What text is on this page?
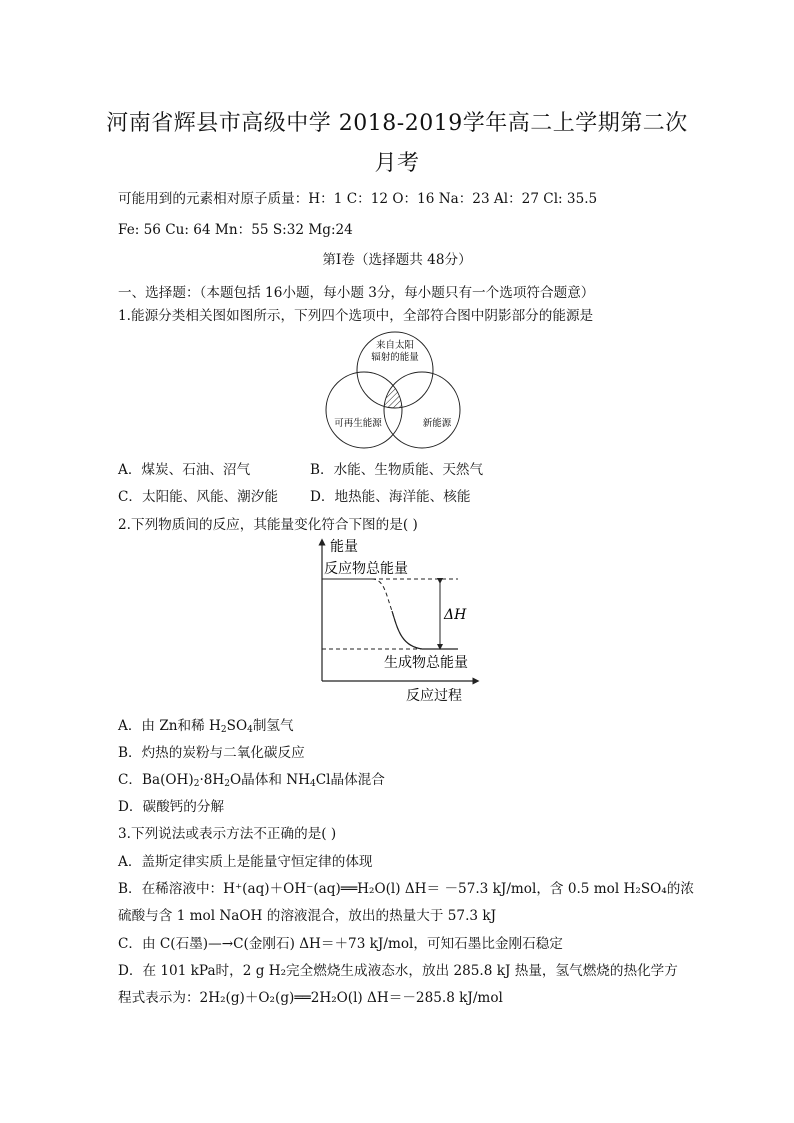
河南省辉县市高级中学 2018-2019学年高二上学期第二次
月考
可能用到的元素相对原子质量：H：1 C：12 O：16 Na：23 Al：27 Cl: 35.5
Fe: 56 Cu: 64 Mn：55 S:32 Mg:24
第Ⅰ卷（选择题共 48分）
一、选择题：（本题包括 16小题，每小题 3分，每小题只有一个选项符合题意）
1.能源分类相关图如图所示，下列四个选项中，全部符合图中阴影部分的能源是
来自太阳
辐射的能量
可再生能源	新能源
A．煤炭、石油、沼气	B．水能、生物质能、天然气
C．太阳能、风能、潮汐能 D．地热能、海洋能、核能
2.下列物质间的反应，其能量变化符合下图的是( )
能量
反应物总能量
ΔH
生成物总能量
反应过程
A．由 Zn和稀 $H_2SO_4$制氢气
B．灼热的炭粉与二氧化碳反应
C．$Ba(OH)_2\cdot 8H_2O$晶体和 $NH_4Cl$晶体混合
D．碳酸钙的分解
3.下列说法或表示方法不正确的是( )
A．盖斯定律实质上是能量守恒定律的体现
B．在稀溶液中：H⁺(aq)＋OH⁻(aq)══H₂O(l) ΔH＝ －57.3 kJ/mol，含 0.5 mol H₂SO₄的浓
硫酸与含 1 mol NaOH 的溶液混合，放出的热量大于 57.3 kJ
C．由 C(石墨)—→C(金刚石) ΔH＝＋73 kJ/mol，可知石墨比金刚石稳定
D．在 101 kPa时，2 g H₂完全燃烧生成液态水，放出 285.8 kJ 热量，氢气燃烧的热化学方
程式表示为：2H₂(g)＋O₂(g)══2H₂O(l) ΔH＝－285.8 kJ/mol
